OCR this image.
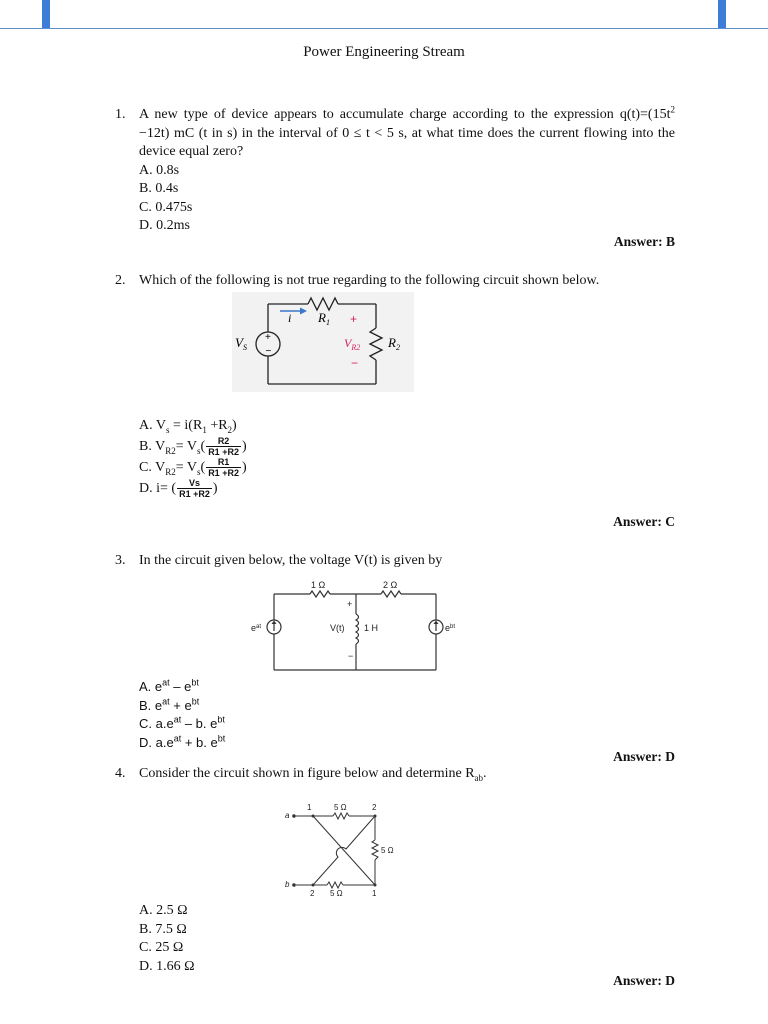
Power Engineering Stream
1. A new type of device appears to accumulate charge according to the expression $q(t)=(15t^2 -12t)$ mC (t in s) in the interval of 0 ≤ t < 5 s, at what time does the current flowing into the device equal zero?
A. 0.8s
B. 0.4s
C. 0.475s
D. 0.2ms
Answer: B
2. Which of the following is not true regarding to the following circuit shown below.
+
−
i $R_1$ +
$V_{R2}$
−
$R_2$
$V_S$
A. $V_s = i(R_1 +R_2)$
B. $V_{R2}= V_s( \frac{R2}{R1 +R2}$ )
C. $V_{R2}= V_s( \frac{R1}{R1 +R2}$ )
D. i= ( $\frac{Vs}{R1 +R2}$ )
Answer: C
3. In the circuit given below, the voltage V(t) is given by
1 Ω	2 Ω
+
−
V(t) 1 H
$e^{at}$	$e^{bt}$
A. $e^{at} - e^{bt}$
B. $e^{at} + e^{bt}$
C. $a.e^{at}$ – b. $e^{bt}$
D. $a.e^{at} + b$. $e^{bt}$
Answer: D
4. Consider the circuit shown in figure below and determine $R_{ab}$.
a
b
1	2
2	1
5 Ω
5 Ω
5 Ω
A. 2.5 Ω
B. 7.5 Ω
C. 25 Ω
D. 1.66 Ω
Answer: D
